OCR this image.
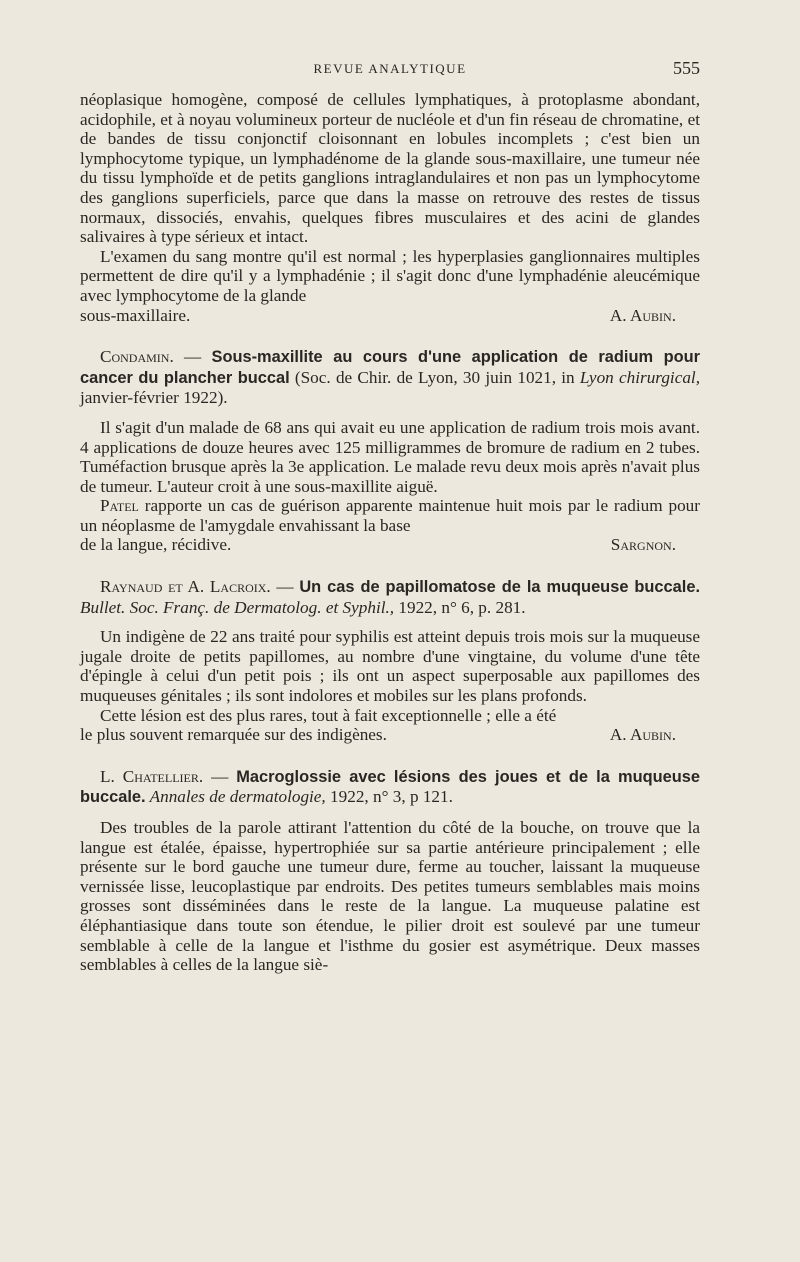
REVUE ANALYTIQUE	555

néoplasique homogène, composé de cellules lymphatiques, à protoplasme abondant, acidophile, et à noyau volumineux porteur de nucléole et d'un fin réseau de chromatine, et de bandes de tissu conjonctif cloisonnant en lobules incomplets ; c'est bien un lymphocytome typique, un lymphadénome de la glande sous-maxillaire, une tumeur née du tissu lymphoïde et de petits ganglions intraglandulaires et non pas un lymphocytome des ganglions superficiels, parce que dans la masse on retrouve des restes de tissus normaux, dissociés, envahis, quelques fibres musculaires et des acini de glandes salivaires à type sérieux et intact.

L'examen du sang montre qu'il est normal ; les hyperplasies ganglionnaires multiples permettent de dire qu'il y a lymphadénie ; il s'agit donc d'une lymphadénie aleucémique avec lymphocytome de la glande

sous-maxillaire.	A. Aubin.

Condamin. — Sous-maxillite au cours d'une application de radium pour cancer du plancher buccal (Soc. de Chir. de Lyon, 30 juin 1021, in Lyon chirurgical, janvier-février 1922).

Il s'agit d'un malade de 68 ans qui avait eu une application de radium trois mois avant. 4 applications de douze heures avec 125 milligrammes de bromure de radium en 2 tubes. Tuméfaction brusque après la 3e application. Le malade revu deux mois après n'avait plus de tumeur. L'auteur croit à une sous-maxillite aiguë.

Patel rapporte un cas de guérison apparente maintenue huit mois par le radium pour un néoplasme de l'amygdale envahissant la base

de la langue, récidive.	Sargnon.

Raynaud et A. Lacroix. — Un cas de papillomatose de la muqueuse buccale. Bullet. Soc. Franç. de Dermatolog. et Syphil., 1922, n° 6, p. 281.

Un indigène de 22 ans traité pour syphilis est atteint depuis trois mois sur la muqueuse jugale droite de petits papillomes, au nombre d'une vingtaine, du volume d'une tête d'épingle à celui d'un petit pois ; ils ont un aspect superposable aux papillomes des muqueuses génitales ; ils sont indolores et mobiles sur les plans profonds.

Cette lésion est des plus rares, tout à fait exceptionnelle ; elle a été

le plus souvent remarquée sur des indigènes.	A. Aubin.

L. Chatellier. — Macroglossie avec lésions des joues et de la muqueuse buccale. Annales de dermatologie, 1922, n° 3, p 121.

Des troubles de la parole attirant l'attention du côté de la bouche, on trouve que la langue est étalée, épaisse, hypertrophiée sur sa partie antérieure principalement ; elle présente sur le bord gauche une tumeur dure, ferme au toucher, laissant la muqueuse vernissée lisse, leucoplastique par endroits. Des petites tumeurs semblables mais moins grosses sont disséminées dans le reste de la langue. La muqueuse palatine est éléphantiasique dans toute son étendue, le pilier droit est soulevé par une tumeur semblable à celle de la langue et l'isthme du gosier est asymétrique. Deux masses semblables à celles de la langue siè-
